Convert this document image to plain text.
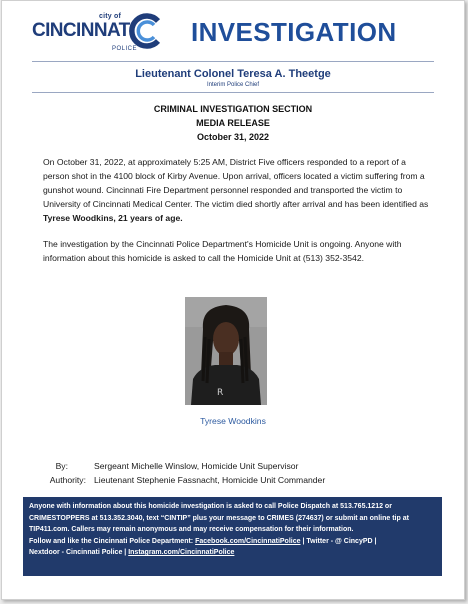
city of
CINCINNATI
POLICE
INVESTIGATION
Lieutenant Colonel Teresa A. Theetge
Interim Police Chief
CRIMINAL INVESTIGATION SECTION
MEDIA RELEASE
October 31, 2022
On October 31, 2022, at approximately 5:25 AM, District Five officers responded to a report of a person shot in the 4100 block of Kirby Avenue. Upon arrival, officers located a victim suffering from a gunshot wound. Cincinnati Fire Department personnel responded and transported the victim to University of Cincinnati Medical Center. The victim died shortly after arrival and has been identified as Tyrese Woodkins, 21 years of age.
The investigation by the Cincinnati Police Department's Homicide Unit is ongoing. Anyone with information about this homicide is asked to call the Homicide Unit at (513) 352-3542.
R
Tyrese Woodkins
By:	Sergeant Michelle Winslow, Homicide Unit Supervisor
Authority: Lieutenant Stephenie Fassnacht, Homicide Unit Commander
Anyone with information about this homicide investigation is asked to call Police Dispatch at 513.765.1212 or CRIMESTOPPERS at 513.352.3040, text “CINTIP” plus your message to CRIMES (274637) or submit an online tip at TIP411.com. Callers may remain anonymous and may receive compensation for their information.
Follow and like the Cincinnati Police Department: Facebook.com/CincinnatiPolice | Twitter - @ CincyPD |
Nextdoor - Cincinnati Police | Instagram.com/CincinnatiPolice
